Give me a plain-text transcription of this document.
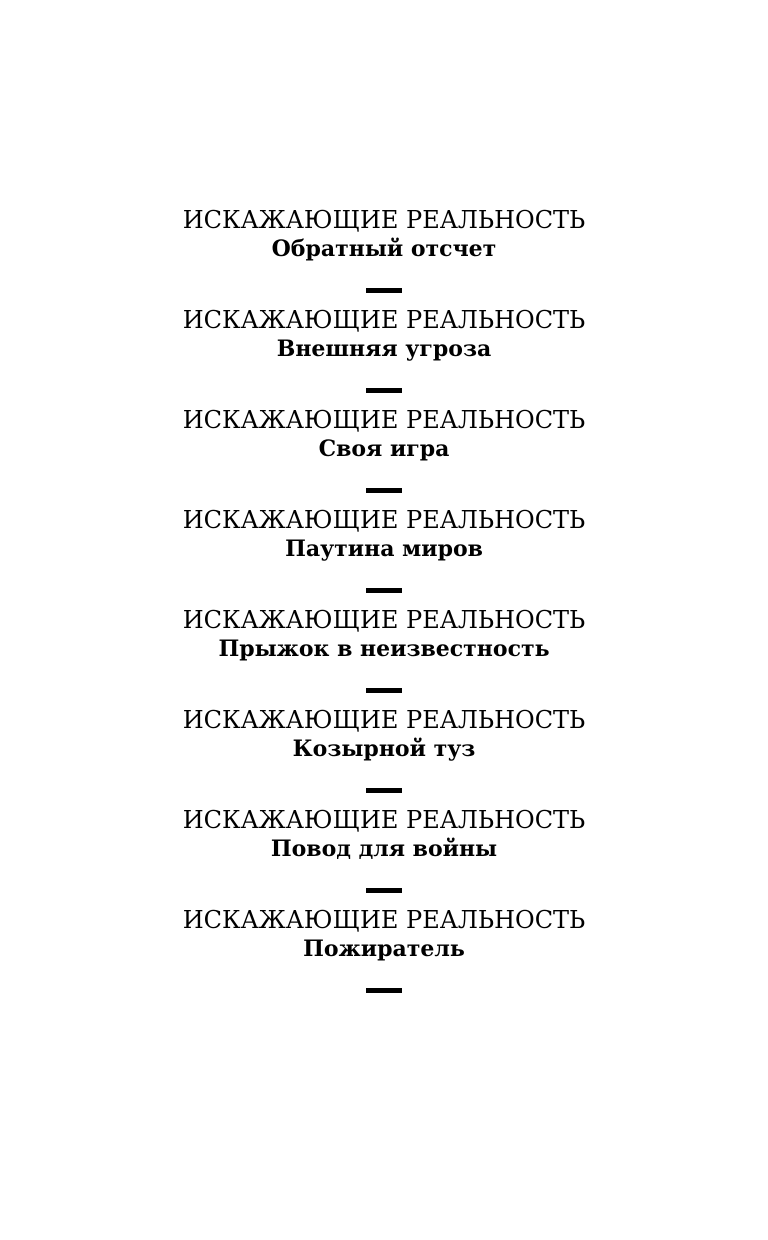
ИСКАЖАЮЩИЕ РЕАЛЬНОСТЬ
Обратный отсчет
ИСКАЖАЮЩИЕ РЕАЛЬНОСТЬ
Внешняя угроза
ИСКАЖАЮЩИЕ РЕАЛЬНОСТЬ
Своя игра
ИСКАЖАЮЩИЕ РЕАЛЬНОСТЬ
Паутина миров
ИСКАЖАЮЩИЕ РЕАЛЬНОСТЬ
Прыжок в неизвестность
ИСКАЖАЮЩИЕ РЕАЛЬНОСТЬ
Козырной туз
ИСКАЖАЮЩИЕ РЕАЛЬНОСТЬ
Повод для войны
ИСКАЖАЮЩИЕ РЕАЛЬНОСТЬ
Пожиратель
